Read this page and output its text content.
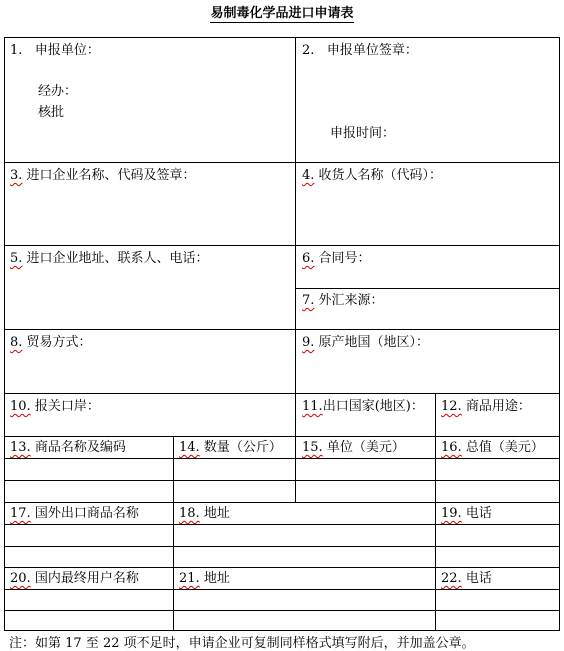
易制毒化学品进口申请表
1. 申报单位：
经办：
核批
2. 申报单位签章：
申报时间：
3. 进口企业名称、代码及签章：	4. 收货人名称（代码）：
5. 进口企业地址、联系人、电话：	6. 合同号：
7. 外汇来源：
8. 贸易方式：	9. 原产地国（地区）：
10. 报关口岸：	11.出口国家(地区)： 12. 商品用途：
13. 商品名称及编码	14. 数量（公斤） 15. 单位（美元）	16. 总值（美元）
17. 国外出口商品名称	18. 地址	19. 电话
20. 国内最终用户名称	21. 地址	22. 电话
注：如第 17 至 22 项不足时，申请企业可复制同样格式填写附后，并加盖公章。
